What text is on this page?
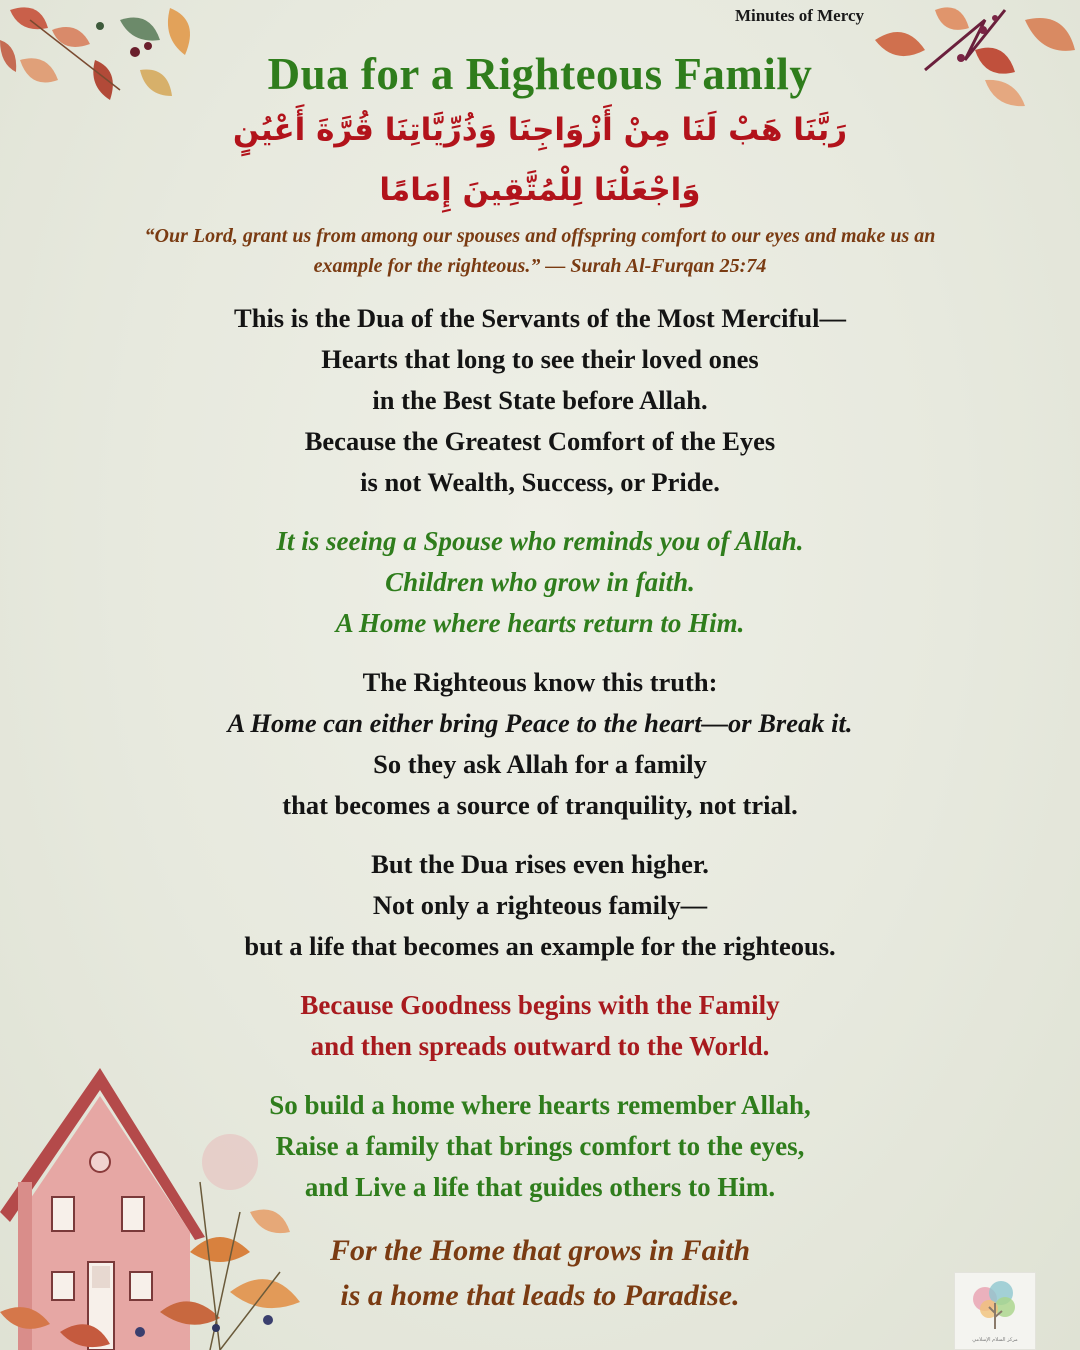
Minutes of Mercy
Dua for a Righteous Family
رَبَّنَا هَبْ لَنَا مِنْ أَزْوَاجِنَا وَذُرِّيَّاتِنَا قُرَّةَ أَعْيُنٍ
وَاجْعَلْنَا لِلْمُتَّقِينَ إِمَامًا
“Our Lord, grant us from among our spouses and offspring comfort to our eyes and make us an example for the righteous.” — Surah Al-Furqan 25:74
This is the Dua of the Servants of the Most Merciful—
Hearts that long to see their loved ones
in the Best State before Allah.
Because the Greatest Comfort of the Eyes
is not Wealth, Success, or Pride.
It is seeing a Spouse who reminds you of Allah.
Children who grow in faith.
A Home where hearts return to Him.
The Righteous know this truth:
A Home can either bring Peace to the heart—or Break it.
So they ask Allah for a family
that becomes a source of tranquility, not trial.
But the Dua rises even higher.
Not only a righteous family—
but a life that becomes an example for the righteous.
Because Goodness begins with the Family
and then spreads outward to the World.
So build a home where hearts remember Allah,
Raise a family that brings comfort to the eyes,
and Live a life that guides others to Him.
For the Home that grows in Faith
is a home that leads to Paradise.
مركز السلام الإسلامي
